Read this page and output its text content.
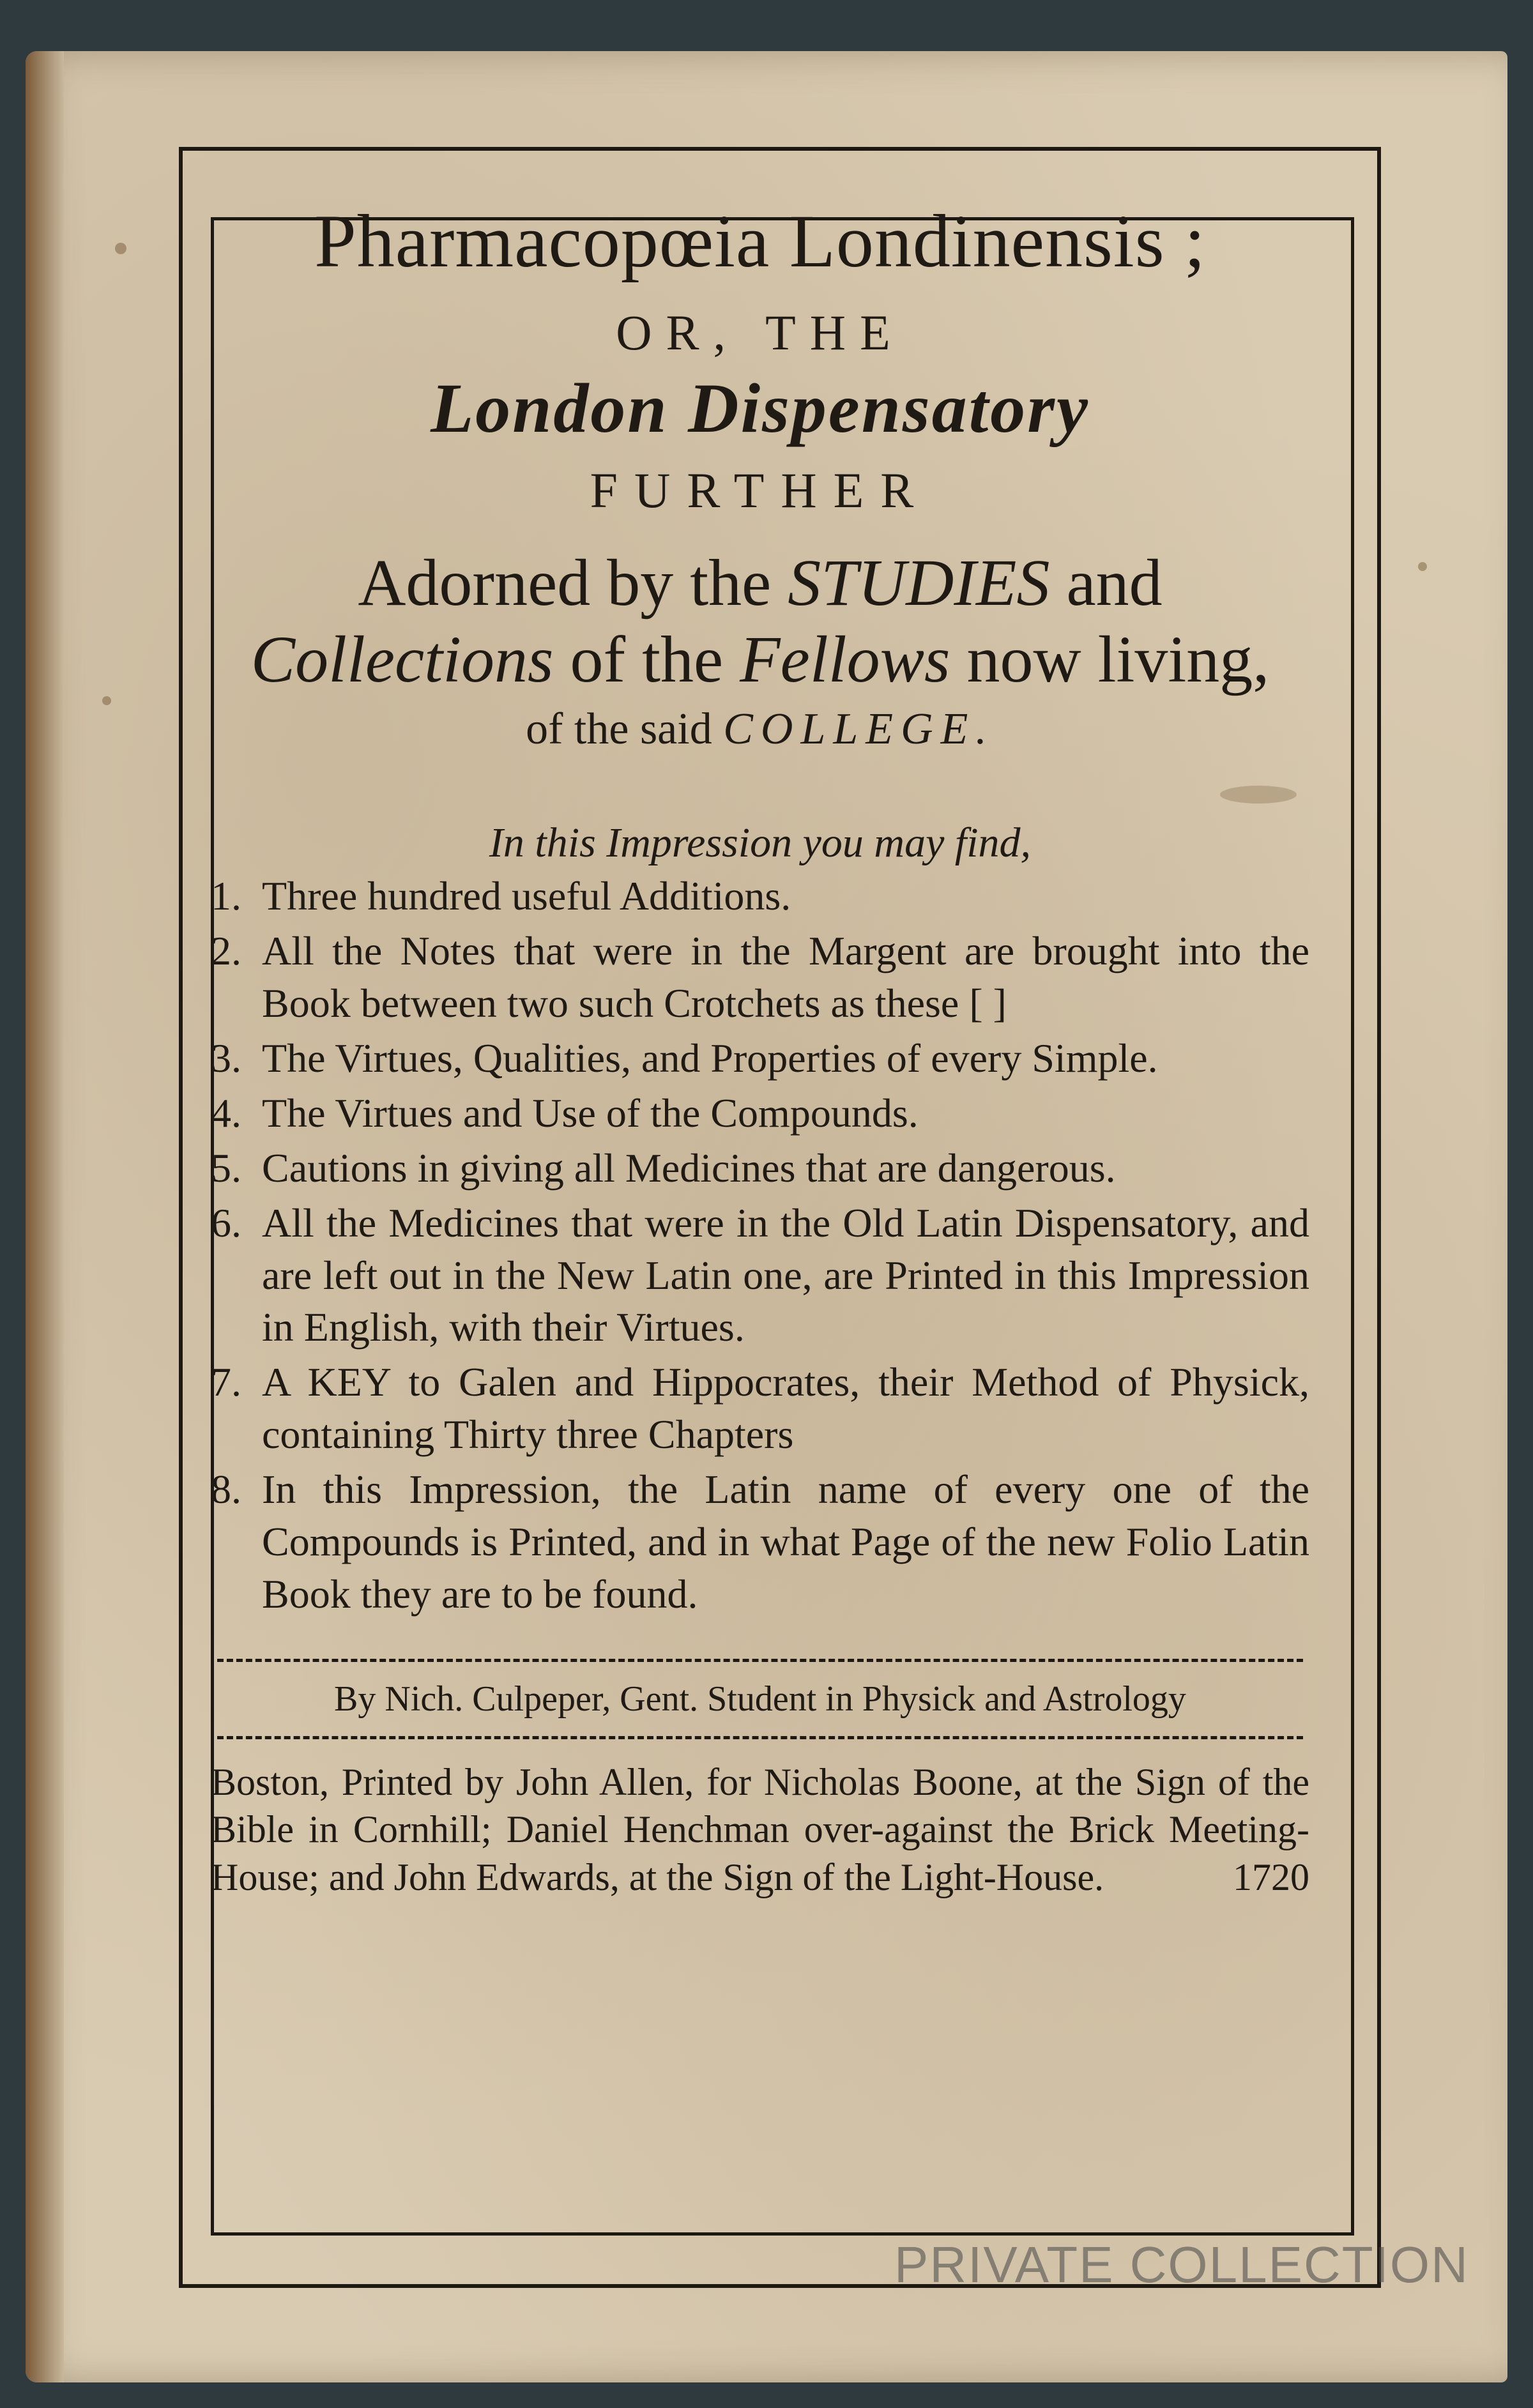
Pharmacopœia Londinensis ;
OR, THE
London Dispensatory
FURTHER
Adorned by the STUDIES and
Collections of the Fellows now living,
of the said COLLEGE.
In this Impression you may find,
1. Three hundred useful Additions.
2. All the Notes that were in the Margent are brought into the Book between two such Crotchets as these [ ]
3. The Virtues, Qualities, and Properties of every Simple.
4. The Virtues and Use of the Compounds.
5. Cautions in giving all Medicines that are dangerous.
6. All the Medicines that were in the Old Latin Dispensatory, and are left out in the New Latin one, are Printed in this Impression in English, with their Virtues.
7. A KEY to Galen and Hippocrates, their Method of Physick, containing Thirty three Chapters
8. In this Impression, the Latin name of every one of the Compounds is Printed, and in what Page of the new Folio Latin Book they are to be found.
By Nich. Culpeper, Gent. Student in Physick and Astrology
Boston, Printed by John Allen, for Nicholas Boone, at the Sign of the Bible in Cornhill; Daniel Henchman over-against the Brick Meeting-House; and John Edwards, at the Sign of the Light-House.	1720
PRIVATE COLLECTION
